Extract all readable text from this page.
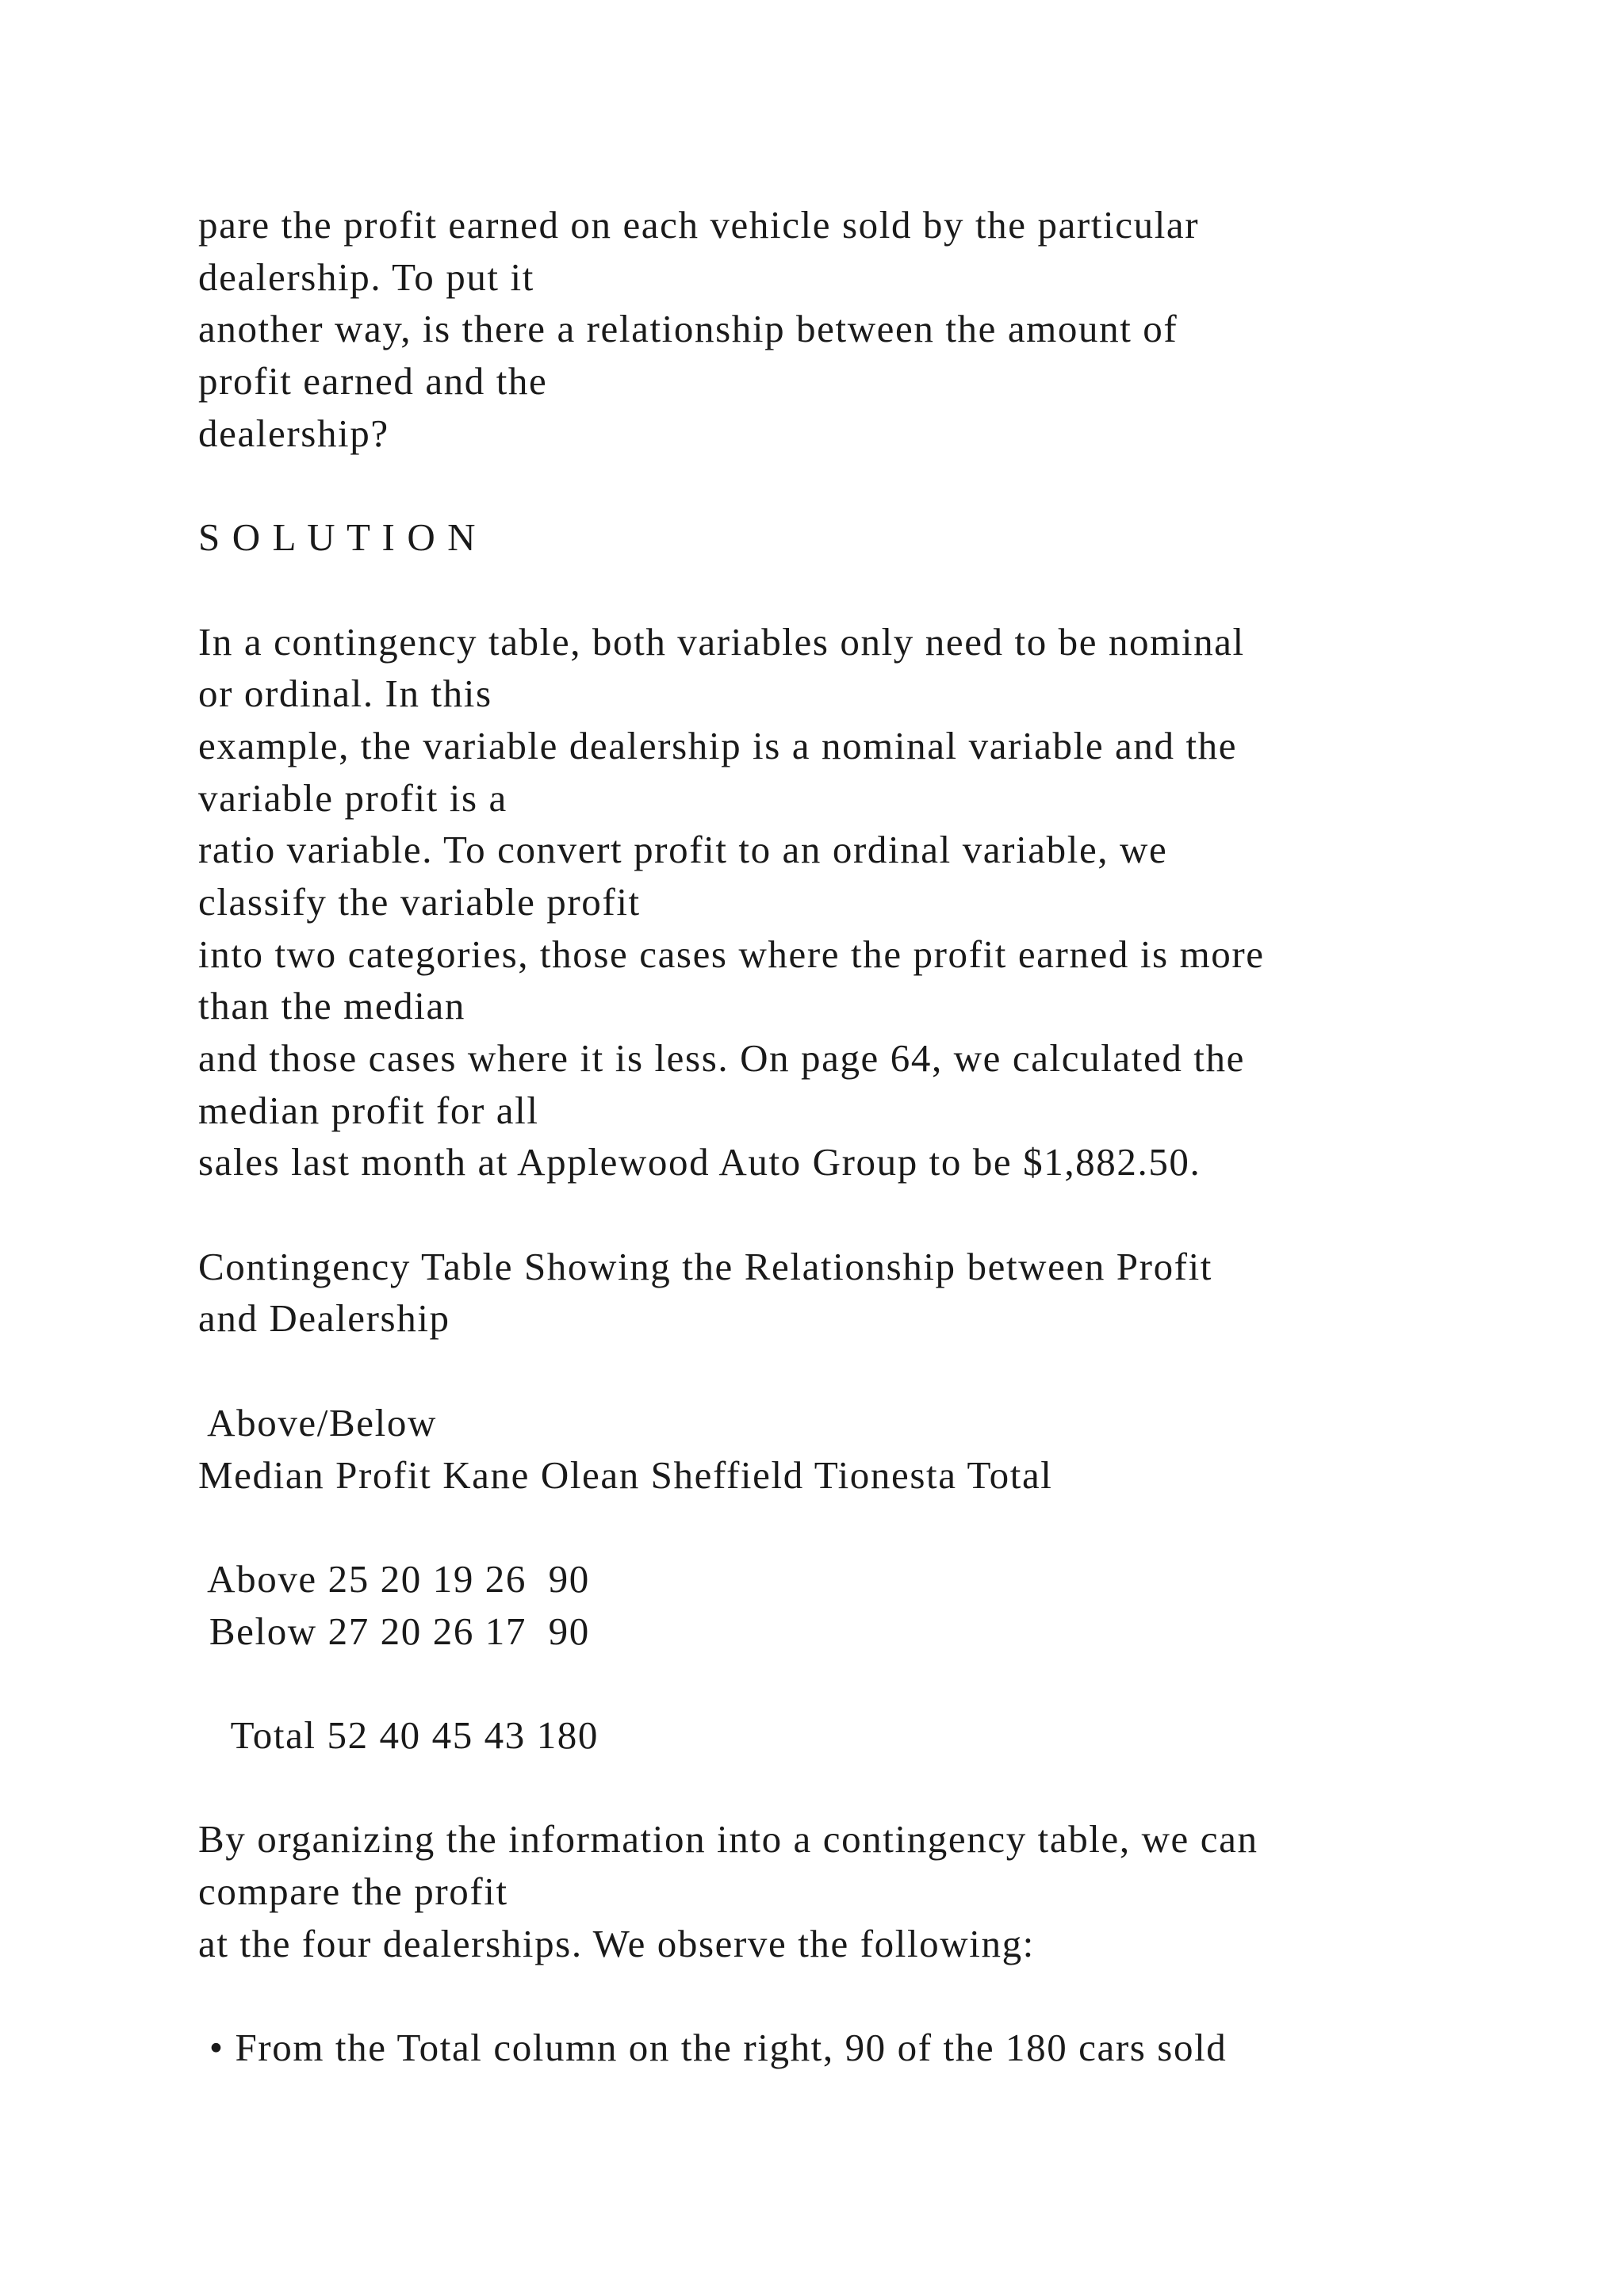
pare the profit earned on each vehicle sold by the particular
dealership. To put it
another way, is there a relationship between the amount of
profit earned and the
dealership?
S O L U T I O N
In a contingency table, both variables only need to be nominal
or ordinal. In this
example, the variable dealership is a nominal variable and the
variable profit is a
ratio variable. To convert profit to an ordinal variable, we
classify the variable profit
into two categories, those cases where the profit earned is more
than the median
and those cases where it is less. On page 64, we calculated the
median profit for all
sales last month at Applewood Auto Group to be $1,882.50.
Contingency Table Showing the Relationship between Profit
and Dealership
Above/Below
Median Profit Kane Olean Sheffield Tionesta Total
Above 25 20 19 26  90
Below 27 20 26 17  90
Total 52 40 45 43 180
By organizing the information into a contingency table, we can
compare the profit
at the four dealerships. We observe the following:
• From the Total column on the right, 90 of the 180 cars sold
